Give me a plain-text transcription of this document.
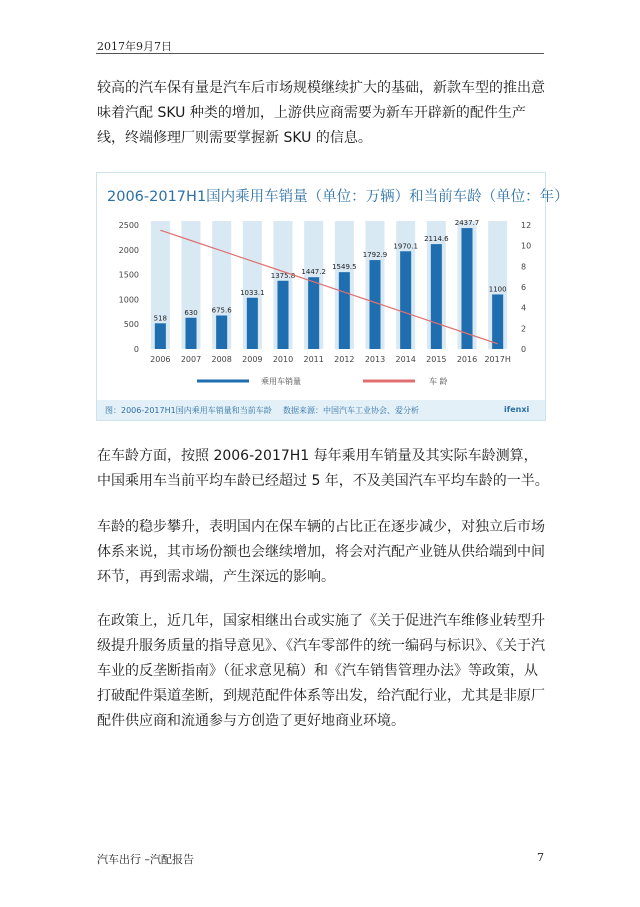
2017年9月7日

较高的汽车保有量是汽车后市场规模继续扩大的基础，新款车型的推出意味着汽配 SKU 种类的增加，上游供应商需要为新车开辟新的配件生产线，终端修理厂则需要掌握新 SKU 的信息。

2006-2017H1国内乘用车销量（单位：万辆）和当前车龄（单位：年）
0
500
1000
1500
2000
2500
0
2
4
6
8
10
12
518
2006
630
2007
675.6
2008
1033.1
2009
1375.8
2010
1447.2
2011
1549.5
2012
1792.9
2013
1970.1
2014
2114.6
2015
2437.7
2016
1100
2017H
乘用车销量	车 龄
图：2006-2017H1国内乘用车销量和当前车龄 数据来源：中国汽车工业协会、爱分析	ifenxi

在车龄方面，按照 2006-2017H1 每年乘用车销量及其实际车龄测算，中国乘用车当前平均车龄已经超过 5 年，不及美国汽车平均车龄的一半。

车龄的稳步攀升，表明国内在保车辆的占比正在逐步减少，对独立后市场体系来说，其市场份额也会继续增加，将会对汽配产业链从供给端到中间环节，再到需求端，产生深远的影响。

在政策上，近几年，国家相继出台或实施了《关于促进汽车维修业转型升级提升服务质量的指导意见》、《汽车零部件的统一编码与标识》、《关于汽车业的反垄断指南》（征求意见稿）和《汽车销售管理办法》等政策，从打破配件渠道垄断，到规范配件体系等出发，给汽配行业，尤其是非原厂配件供应商和流通参与方创造了更好地商业环境。

汽车出行 –汽配报告	7
